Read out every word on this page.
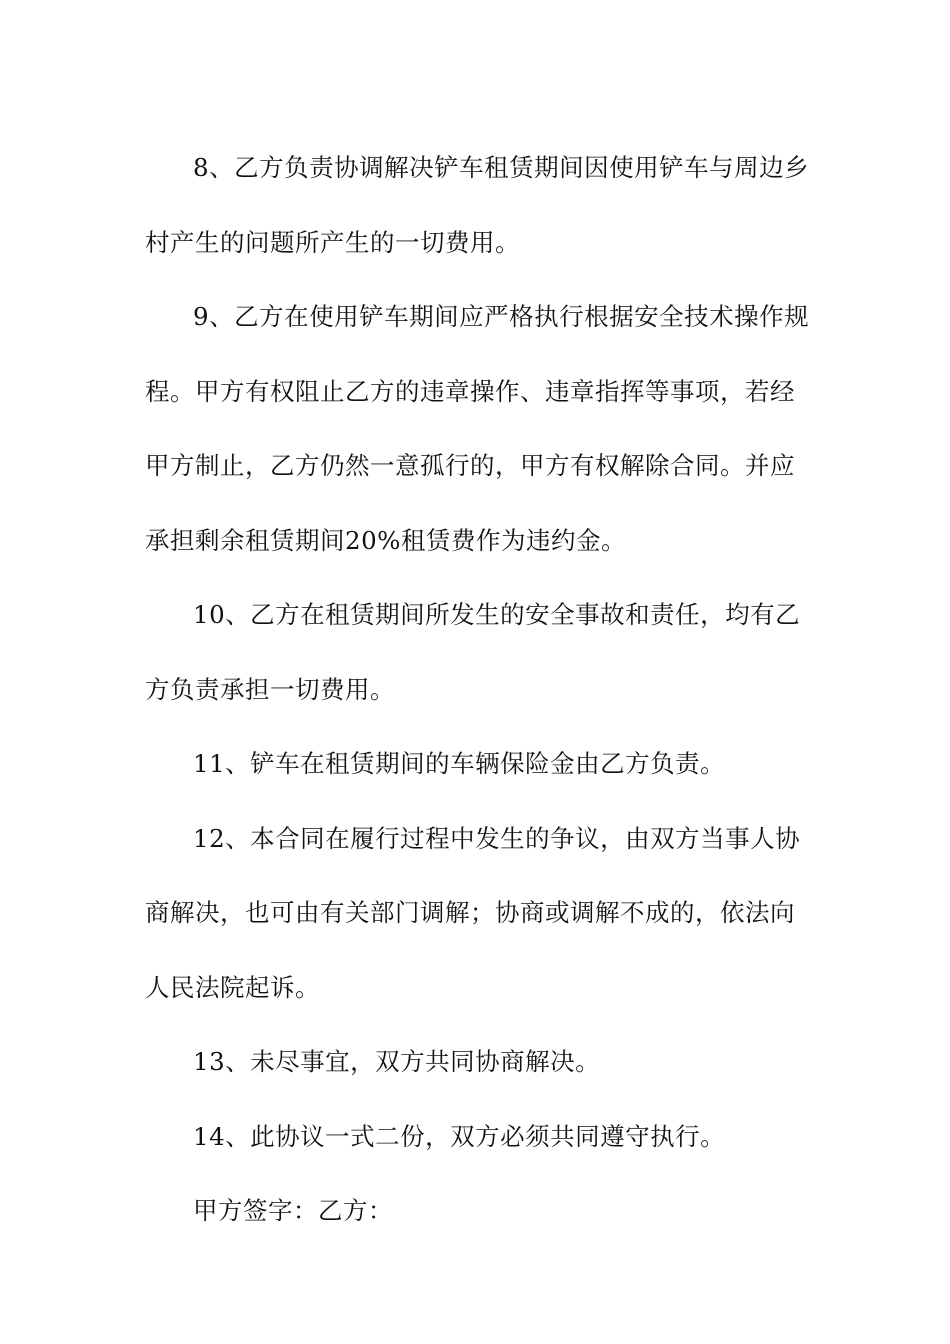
8、乙方负责协调解决铲车租赁期间因使用铲车与周边乡村产生的问题所产生的一切费用。

9、乙方在使用铲车期间应严格执行根据安全技术操作规程。甲方有权阻止乙方的违章操作、违章指挥等事项，若经甲方制止，乙方仍然一意孤行的，甲方有权解除合同。并应承担剩余租赁期间20%租赁费作为违约金。

10、乙方在租赁期间所发生的安全事故和责任，均有乙方负责承担一切费用。

11、铲车在租赁期间的车辆保险金由乙方负责。

12、本合同在履行过程中发生的争议，由双方当事人协商解决，也可由有关部门调解；协商或调解不成的，依法向人民法院起诉。

13、未尽事宜，双方共同协商解决。

14、此协议一式二份，双方必须共同遵守执行。

甲方签字：乙方：
